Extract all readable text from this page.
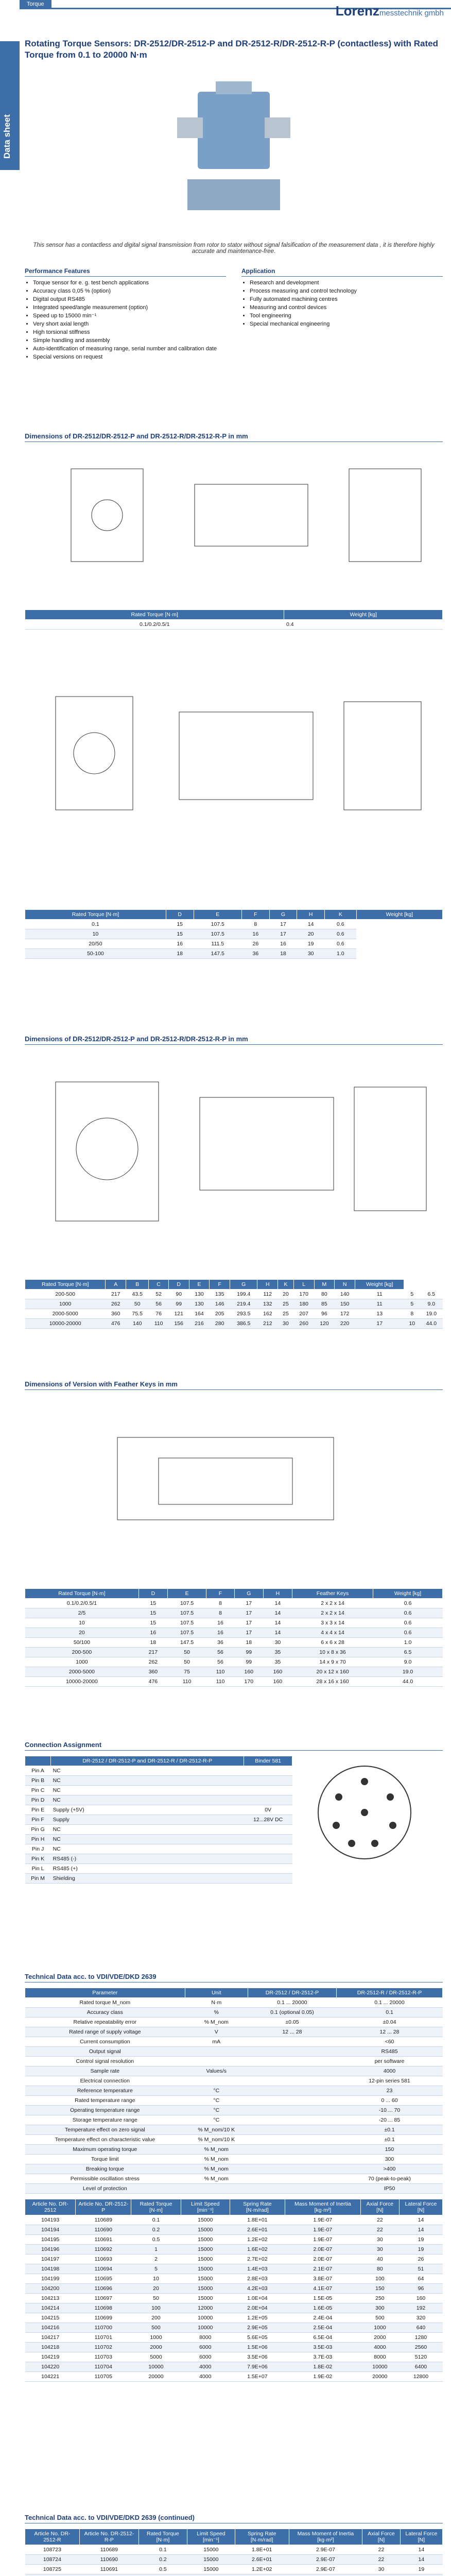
Data sheet
Torque	Lorenzmesstechnik gmbh
Rotating Torque Sensors: DR-2512/DR-2512-P and DR-2512-R/DR-2512-R-P (contactless) with Rated Torque from 0.1 to 20000 N·m

This sensor has a contactless and digital signal transmission from rotor to stator without signal falsification of the measurement data , it is therefore highly accurate and maintenance-free.

Performance Features
• Torque sensor for e. g. test bench applications
• Accuracy class 0,05 % (option)
• Digital output RS485
• Integrated speed/angle measurement (option)
• Speed up to 15000 min⁻¹
• Very short axial length
• High torsional stiffness
• Simple handling and assembly
• Auto-identification of measuring range, serial number and calibration date
• Special versions on request
Application
• Research and development
• Process measuring and control technology
• Fully automated machining centres
• Measuring and control devices
• Tool engineering
• Special mechanical engineering
Dimensions of DR-2512/DR-2512-P and DR-2512-R/DR-2512-R-P in mm
Rated Torque [N·m]	Weight [kg]
0.1/0.2/0.5/1	0.4
Rated Torque [N·m]	D	E	F	G	H	K	Weight [kg]
0.1	15	107.5	8	17	14	0.6	
10	15	107.5	16	17	20	0.6	
20/50	16	111.5	26	16	19	0.6	
50-100	18	147.5	36	18	30	1.0	
Dimensions of DR-2512/DR-2512-P and DR-2512-R/DR-2512-R-P in mm
Rated Torque [N·m]	A	B	C	D	E	F	G	H	K	L	M	N	Weight [kg]		
200-500	217	43.5	52	90	130	135	199.4	112	20	170	80	140	11	5	6.5
1000	262	50	56	99	130	146	219.4	132	25	180	85	150	11	5	9.0
2000-5000	360	75.5	76	121	164	205	293.5	162	25	207	96	172	13	8	19.0
10000-20000	476	140	110	156	216	280	386.5	212	30	260	120	220	17	10	44.0
Dimensions of Version with Feather Keys in mm
Rated Torque [N·m]	D	E	F	G	H	Feather Keys	Weight [kg]
0.1/0.2/0.5/1	15	107.5	8	17	14	2 x 2 x 14	0.6
2/5	15	107.5	8	17	14	2 x 2 x 14	0.6
10	15	107.5	16	17	14	3 x 3 x 14	0.6
20	16	107.5	16	17	14	4 x 4 x 14	0.6
50/100	18	147.5	36	18	30	6 x 6 x 28	1.0
200-500	217	50	56	99	35	10 x 8 x 36	6.5
1000	262	50	56	99	35	14 x 9 x 70	9.0
2000-5000	360	75	110	160	160	20 x 12 x 160	19.0
10000-20000	476	110	110	170	160	28 x 16 x 160	44.0
Connection Assignment
	DR-2512 / DR-2512-P and DR-2512-R / DR-2512-R-P	Binder 581
Pin A	NC	
Pin B	NC	
Pin C	NC	
Pin D	NC	
Pin E	Supply (+5V)	0V
Pin F	Supply	12...28V DC
Pin G	NC	
Pin H	NC	
Pin J	NC	
Pin K	RS485 (-)	
Pin L	RS485 (+)	
Pin M	Shielding	
Technical Data acc. to VDI/VDE/DKD 2639
Parameter	Unit	DR-2512 / DR-2512-P	DR-2512-R / DR-2512-R-P
Rated torque M_nom	N·m	0.1 ... 20000	0.1 ... 20000
Accuracy class	%	0.1 (optional 0.05)	0.1
Relative repeatability error	% M_nom	±0.05	±0.04
Rated range of supply voltage	V	12 ... 28	12 ... 28
Current consumption	mA		<60
Output signal			RS485
Control signal resolution			per software
Sample rate	Values/s		4000
Electrical connection			12-pin series 581
Reference temperature	°C		23
Rated temperature range	°C		0 ... 60
Operating temperature range	°C		-10 ... 70
Storage temperature range	°C		-20 ... 85
Temperature effect on zero signal	% M_nom/10 K		±0.1
Temperature effect on characteristic value	% M_nom/10 K		±0.1
Maximum operating torque	% M_nom		150
Torque limit	% M_nom		300
Breaking torque	% M_nom		>400
Permissible oscillation stress	% M_nom		70 (peak-to-peak)
Level of protection			IP50
Article No. DR-2512	Article No. DR-2512-P	Rated Torque [N·m]	Limit Speed [min⁻¹]	Spring Rate [N·m/rad]	Mass Moment of Inertia [kg·m²]	Axial Force [N]	Lateral Force [N]
104193	110689	0.1	15000	1.8E+01	1.9E-07	22	14
104194	110690	0.2	15000	2.6E+01	1.9E-07	22	14
104195	110691	0.5	15000	1.2E+02	1.9E-07	30	19
104196	110692	1	15000	1.6E+02	2.0E-07	30	19
104197	110693	2	15000	2.7E+02	2.0E-07	40	26
104198	110694	5	15000	1.4E+03	2.1E-07	80	51
104199	110695	10	15000	2.8E+03	3.8E-07	100	64
104200	110696	20	15000	4.2E+03	4.1E-07	150	96
104213	110697	50	15000	1.0E+04	1.5E-05	250	160
104214	110698	100	12000	2.0E+04	1.6E-05	300	192
104215	110699	200	10000	1.2E+05	2.4E-04	500	320
104216	110700	500	10000	2.9E+05	2.5E-04	1000	640
104217	110701	1000	8000	5.6E+05	6.5E-04	2000	1280
104218	110702	2000	6000	1.5E+06	3.5E-03	4000	2560
104219	110703	5000	6000	3.5E+06	3.7E-03	8000	5120
104220	110704	10000	4000	7.9E+06	1.8E-02	10000	6400
104221	110705	20000	4000	1.5E+07	1.9E-02	20000	12800
Technical Data acc. to VDI/VDE/DKD 2639 (continued)
Article No. DR-2512-R	Article No. DR-2512-R-P	Rated Torque [N·m]	Limit Speed [min⁻¹]	Spring Rate [N·m/rad]	Mass Moment of Inertia [kg·m²]	Axial Force [N]	Lateral Force [N]
108723	110689	0.1	15000	1.8E+01	2.9E-07	22	14
108724	110690	0.2	15000	2.6E+01	2.9E-07	22	14
108725	110691	0.5	15000	1.2E+02	2.9E-07	30	19
